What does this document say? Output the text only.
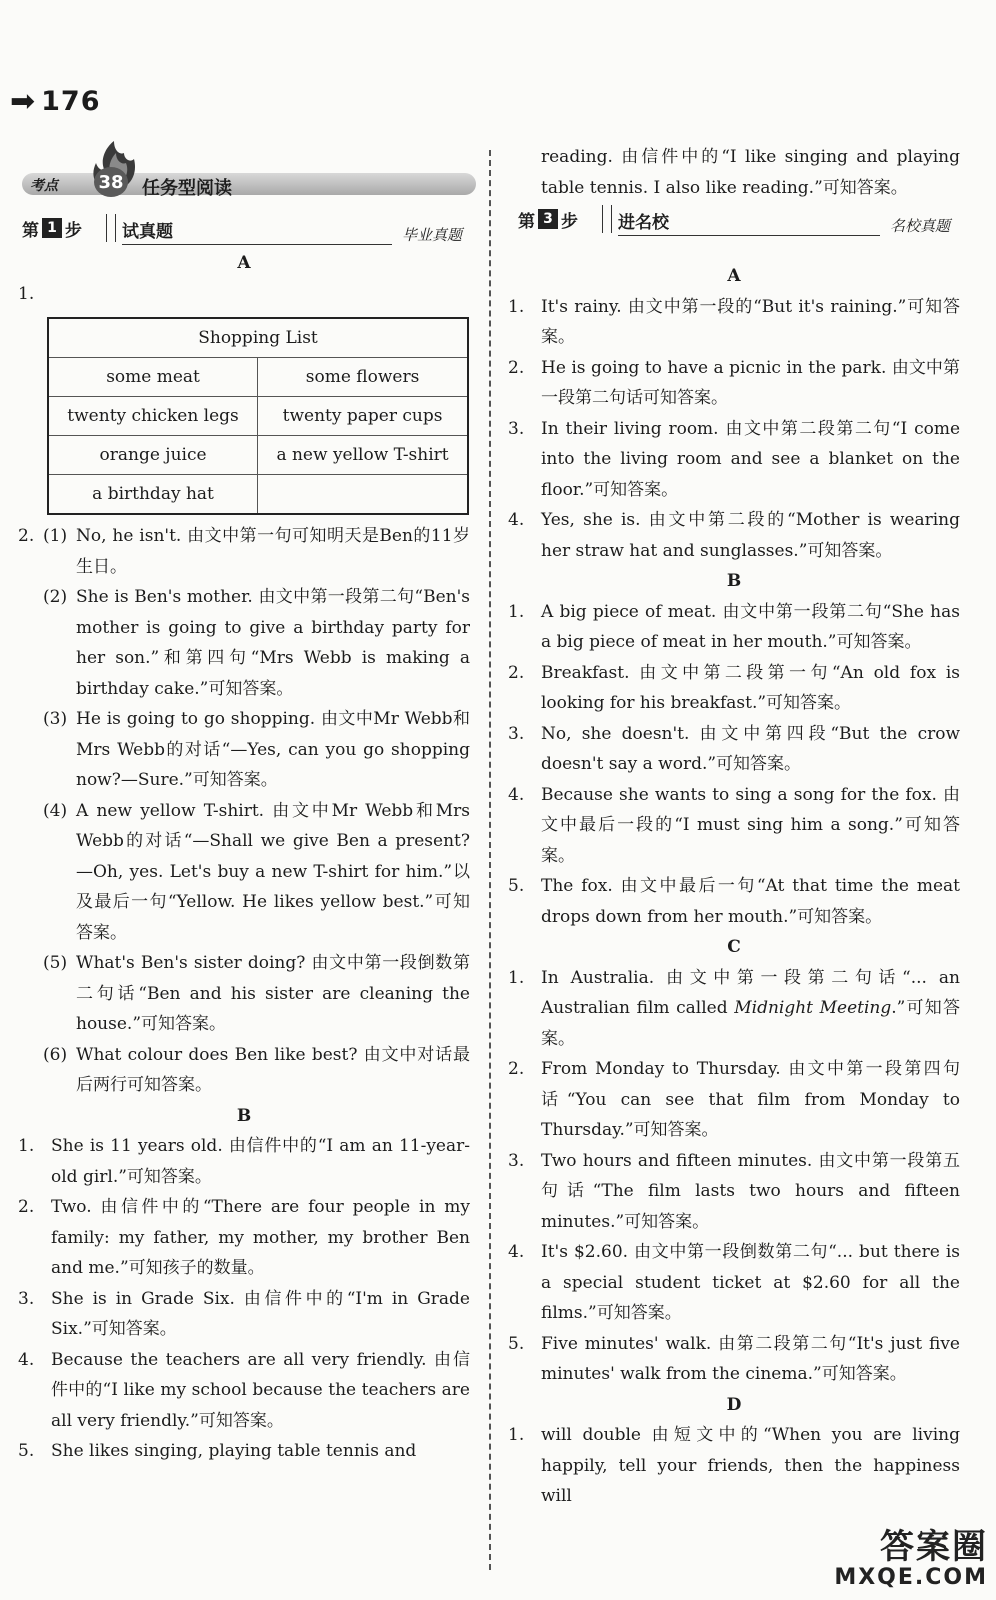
➡ 176
考点 38 任务型阅读
第 1 步 试真题	毕业真题
第 3 步 进名校	名校真题

A

1.

Shopping List	
some meat	some flowers
twenty chicken legs	twenty paper cups
orange juice	a new yellow T-shirt
a birthday hat	

2. (1) No, he isn't. 由文中第一句可知明天是Ben的11岁生日。

(2) She is Ben's mother. 由文中第一段第二句“Ben's mother is going to give a birthday party for her son.”和第四句“Mrs Webb is making a birthday cake.”可知答案。

(3) He is going to go shopping. 由文中Mr Webb和Mrs Webb的对话“—Yes, can you go shopping now?—Sure.”可知答案。

(4) A new yellow T-shirt. 由文中Mr Webb和Mrs Webb的对话“—Shall we give Ben a present? —Oh, yes. Let's buy a new T-shirt for him.”以及最后一句“Yellow. He likes yellow best.”可知答案。

(5) What's Ben's sister doing? 由文中第一段倒数第二句话“Ben and his sister are cleaning the house.”可知答案。

(6) What colour does Ben like best? 由文中对话最后两行可知答案。

B

1. She is 11 years old. 由信件中的“I am an 11-year-old girl.”可知答案。

2. Two. 由信件中的“There are four people in my family: my father, my mother, my brother Ben and me.”可知孩子的数量。

3. She is in Grade Six. 由信件中的“I'm in Grade Six.”可知答案。

4. Because the teachers are all very friendly. 由信件中的“I like my school because the teachers are all very friendly.”可知答案。

5. She likes singing, playing table tennis and

reading. 由信件中的“I like singing and playing table tennis. I also like reading.”可知答案。

A

1. It's rainy. 由文中第一段的“But it's raining.”可知答案。

2. He is going to have a picnic in the park. 由文中第一段第二句话可知答案。

3. In their living room. 由文中第二段第二句“I come into the living room and see a blanket on the floor.”可知答案。

4. Yes, she is. 由文中第二段的“Mother is wearing her straw hat and sunglasses.”可知答案。

B

1. A big piece of meat. 由文中第一段第二句“She has a big piece of meat in her mouth.”可知答案。

2. Breakfast. 由文中第二段第一句“An old fox is looking for his breakfast.”可知答案。

3. No, she doesn't. 由文中第四段“But the crow doesn't say a word.”可知答案。

4. Because she wants to sing a song for the fox. 由文中最后一段的“I must sing him a song.”可知答案。

5. The fox. 由文中最后一句“At that time the meat drops down from her mouth.”可知答案。

C

1. In Australia. 由文中第一段第二句话“... an Australian film called Midnight Meeting.”可知答案。

2. From Monday to Thursday. 由文中第一段第四句话“You can see that film from Monday to Thursday.”可知答案。

3. Two hours and fifteen minutes. 由文中第一段第五句话“The film lasts two hours and fifteen minutes.”可知答案。

4. It's $2.60. 由文中第一段倒数第二句“... but there is a special student ticket at $2.60 for all the films.”可知答案。

5. Five minutes' walk. 由第二段第二句“It's just five minutes' walk from the cinema.”可知答案。

D

1. will double 由短文中的“When you are living happily, tell your friends, then the happiness will

答案圈
MXQE.COM
